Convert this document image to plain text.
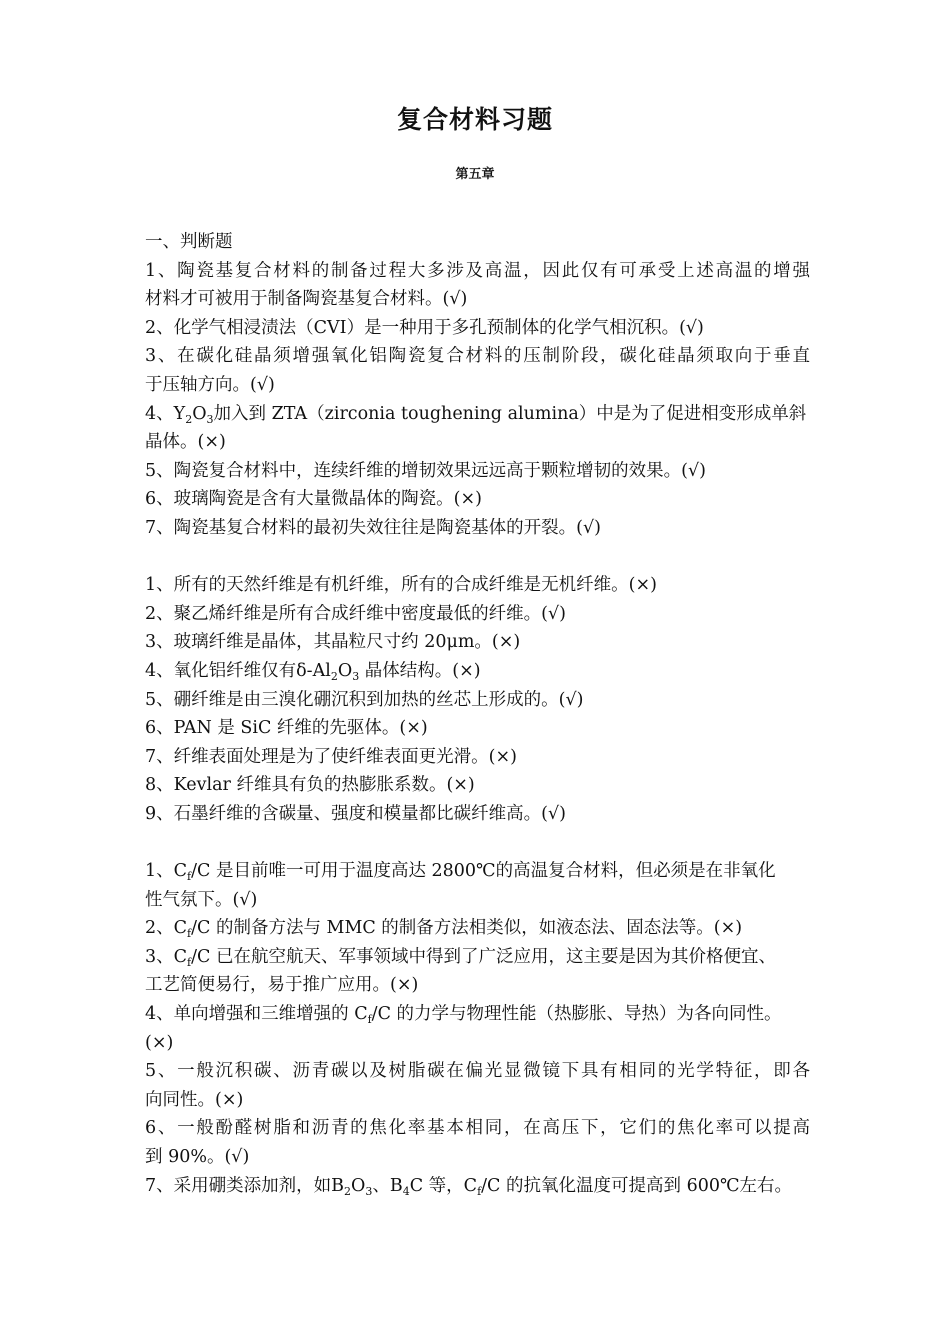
复合材料习题
第五章
一、判断题
1、陶瓷基复合材料的制备过程大多涉及高温，因此仅有可承受上述高温的增强
材料才可被用于制备陶瓷基复合材料。(√)
2、化学气相浸渍法（CVI）是一种用于多孔预制体的化学气相沉积。(√)
3、在碳化硅晶须增强氧化铝陶瓷复合材料的压制阶段，碳化硅晶须取向于垂直
于压轴方向。(√)
4、$Y_2O_3$加入到 ZTA（zirconia toughening alumina）中是为了促进相变形成单斜
晶体。(×)
5、陶瓷复合材料中，连续纤维的增韧效果远远高于颗粒增韧的效果。(√)
6、玻璃陶瓷是含有大量微晶体的陶瓷。(×)
7、陶瓷基复合材料的最初失效往往是陶瓷基体的开裂。(√)
1、所有的天然纤维是有机纤维，所有的合成纤维是无机纤维。(×)
2、聚乙烯纤维是所有合成纤维中密度最低的纤维。(√)
3、玻璃纤维是晶体，其晶粒尺寸约 20μm。(×)
4、氧化铝纤维仅有$\delta-Al_2O_3$ 晶体结构。(×)
5、硼纤维是由三溴化硼沉积到加热的丝芯上形成的。(√)
6、PAN 是 SiC 纤维的先驱体。(×)
7、纤维表面处理是为了使纤维表面更光滑。(×)
8、Kevlar 纤维具有负的热膨胀系数。(×)
9、石墨纤维的含碳量、强度和模量都比碳纤维高。(√)
1、$C_f/C$ 是目前唯一可用于温度高达 2800℃的高温复合材料，但必须是在非氧化
性气氛下。(√)
2、$C_f/C$ 的制备方法与 MMC 的制备方法相类似，如液态法、固态法等。(×)
3、$C_f/C$ 已在航空航天、军事领域中得到了广泛应用，这主要是因为其价格便宜、
工艺简便易行，易于推广应用。(×)
4、单向增强和三维增强的 $C_f/C$ 的力学与物理性能（热膨胀、导热）为各向同性。
(×)
5、一般沉积碳、沥青碳以及树脂碳在偏光显微镜下具有相同的光学特征，即各
向同性。(×)
6、一般酚醛树脂和沥青的焦化率基本相同，在高压下，它们的焦化率可以提高
到 90%。(√)
7、采用硼类添加剂，如$B_2O_3$、$B_4C$ 等，$C_f/C$ 的抗氧化温度可提高到 600℃左右。
